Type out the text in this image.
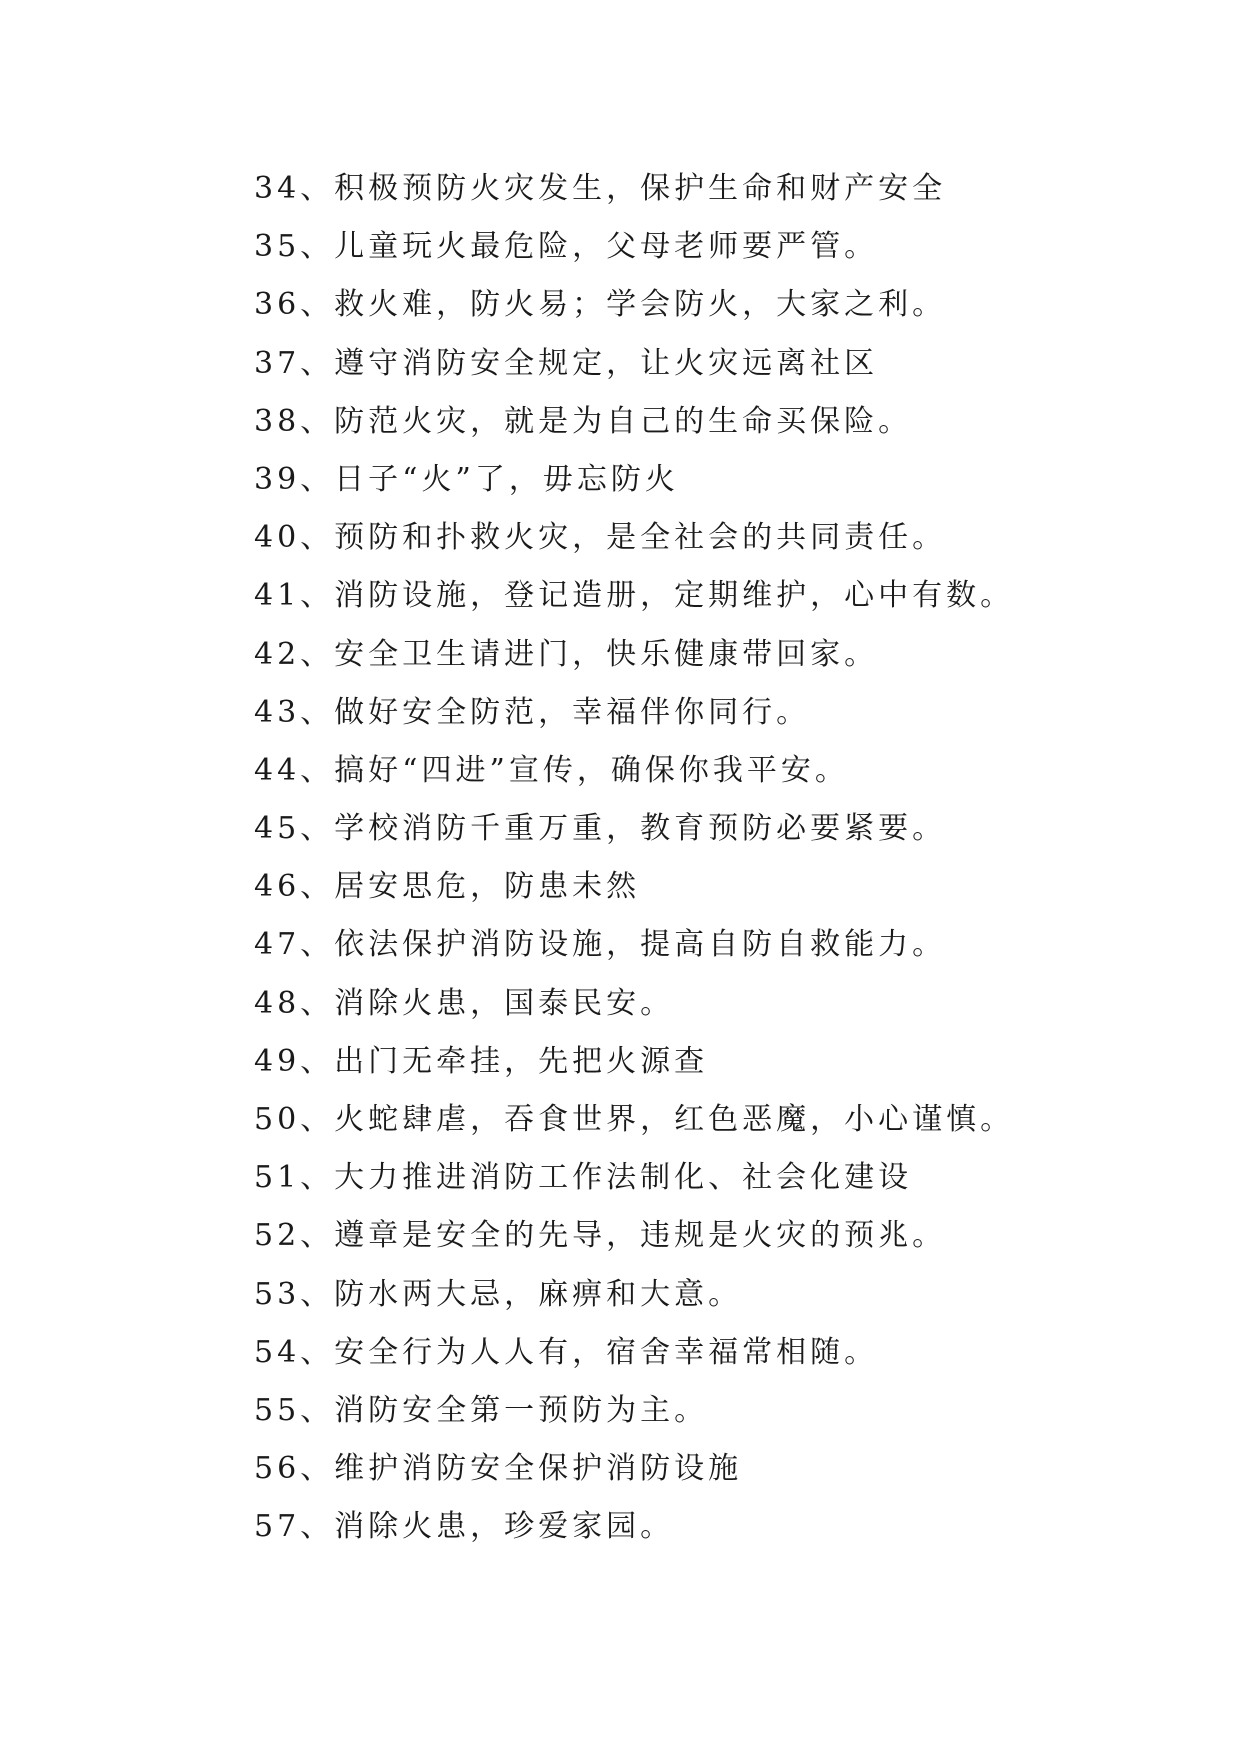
34、积极预防火灾发生，保护生命和财产安全
35、儿童玩火最危险，父母老师要严管。
36、救火难，防火易；学会防火，大家之利。
37、遵守消防安全规定，让火灾远离社区
38、防范火灾，就是为自己的生命买保险。
39、日子“火”了，毋忘防火
40、预防和扑救火灾，是全社会的共同责任。
41、消防设施，登记造册，定期维护，心中有数。
42、安全卫生请进门，快乐健康带回家。
43、做好安全防范，幸福伴你同行。
44、搞好“四进”宣传，确保你我平安。
45、学校消防千重万重，教育预防必要紧要。
46、居安思危，防患未然
47、依法保护消防设施，提高自防自救能力。
48、消除火患，国泰民安。
49、出门无牵挂，先把火源查
50、火蛇肆虐，吞食世界，红色恶魔，小心谨慎。
51、大力推进消防工作法制化、社会化建设
52、遵章是安全的先导，违规是火灾的预兆。
53、防水两大忌，麻痹和大意。
54、安全行为人人有，宿舍幸福常相随。
55、消防安全第一预防为主。
56、维护消防安全保护消防设施
57、消除火患，珍爱家园。
